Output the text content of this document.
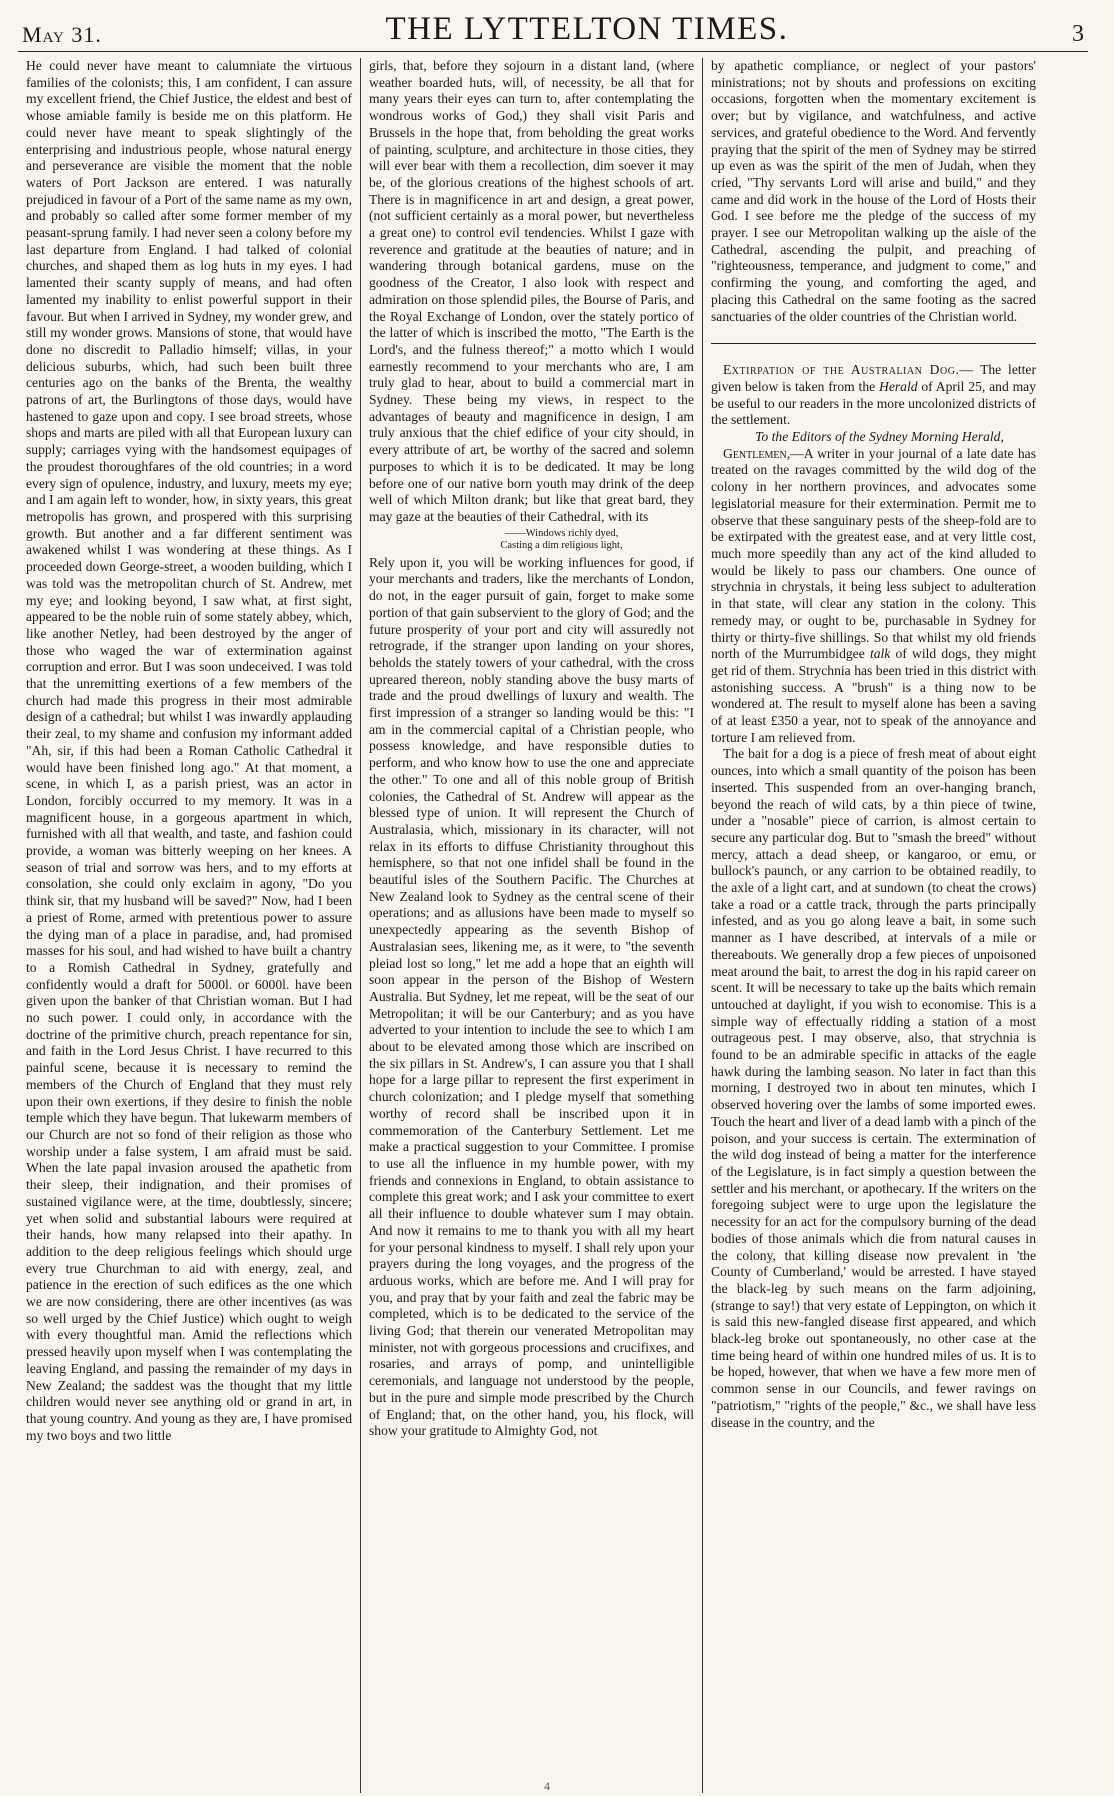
May 31.	THE LYTTELTON TIMES.	3

He could never have meant to calumniate the virtuous families of the colonists; this, I am confident, I can assure my excellent friend, the Chief Justice, the eldest and best of whose amiable family is beside me on this platform. He could never have meant to speak slightingly of the enterprising and industrious people, whose natural energy and perseverance are visible the moment that the noble waters of Port Jackson are entered. I was naturally prejudiced in favour of a Port of the same name as my own, and probably so called after some former member of my peasant-sprung family. I had never seen a colony before my last departure from England. I had talked of colonial churches, and shaped them as log huts in my eyes. I had lamented their scanty supply of means, and had often lamented my inability to enlist powerful support in their favour. But when I arrived in Sydney, my wonder grew, and still my wonder grows. Mansions of stone, that would have done no discredit to Palladio himself; villas, in your delicious suburbs, which, had such been built three centuries ago on the banks of the Brenta, the wealthy patrons of art, the Burlingtons of those days, would have hastened to gaze upon and copy. I see broad streets, whose shops and marts are piled with all that European luxury can supply; carriages vying with the handsomest equipages of the proudest thoroughfares of the old countries; in a word every sign of opulence, industry, and luxury, meets my eye; and I am again left to wonder, how, in sixty years, this great metropolis has grown, and prospered with this surprising growth. But another and a far different sentiment was awakened whilst I was wondering at these things. As I proceeded down George-street, a wooden building, which I was told was the metropolitan church of St. Andrew, met my eye; and looking beyond, I saw what, at first sight, appeared to be the noble ruin of some stately abbey, which, like another Netley, had been destroyed by the anger of those who waged the war of extermination against corruption and error. But I was soon undeceived. I was told that the unremitting exertions of a few members of the church had made this progress in their most admirable design of a cathedral; but whilst I was inwardly applauding their zeal, to my shame and confusion my informant added "Ah, sir, if this had been a Roman Catholic Cathedral it would have been finished long ago." At that moment, a scene, in which I, as a parish priest, was an actor in London, forcibly occurred to my memory. It was in a magnificent house, in a gorgeous apartment in which, furnished with all that wealth, and taste, and fashion could provide, a woman was bitterly weeping on her knees. A season of trial and sorrow was hers, and to my efforts at consolation, she could only exclaim in agony, "Do you think sir, that my husband will be saved?" Now, had I been a priest of Rome, armed with pretentious power to assure the dying man of a place in paradise, and, had promised masses for his soul, and had wished to have built a chantry to a Romish Cathedral in Sydney, gratefully and confidently would a draft for 5000l. or 6000l. have been given upon the banker of that Christian woman. But I had no such power. I could only, in accordance with the doctrine of the primitive church, preach repentance for sin, and faith in the Lord Jesus Christ. I have recurred to this painful scene, because it is necessary to remind the members of the Church of England that they must rely upon their own exertions, if they desire to finish the noble temple which they have begun. That lukewarm members of our Church are not so fond of their religion as those who worship under a false system, I am afraid must be said. When the late papal invasion aroused the apathetic from their sleep, their indignation, and their promises of sustained vigilance were, at the time, doubtlessly, sincere; yet when solid and substantial labours were required at their hands, how many relapsed into their apathy. In addition to the deep religious feelings which should urge every true Churchman to aid with energy, zeal, and patience in the erection of such edifices as the one which we are now considering, there are other incentives (as was so well urged by the Chief Justice) which ought to weigh with every thoughtful man. Amid the reflections which pressed heavily upon myself when I was contemplating the leaving England, and passing the remainder of my days in New Zealand; the saddest was the thought that my little children would never see anything old or grand in art, in that young country. And young as they are, I have promised my two boys and two little

girls, that, before they sojourn in a distant land, (where weather boarded huts, will, of necessity, be all that for many years their eyes can turn to, after contemplating the wondrous works of God,) they shall visit Paris and Brussels in the hope that, from beholding the great works of painting, sculpture, and architecture in those cities, they will ever bear with them a recollection, dim soever it may be, of the glorious creations of the highest schools of art. There is in magnificence in art and design, a great power, (not sufficient certainly as a moral power, but nevertheless a great one) to control evil tendencies. Whilst I gaze with reverence and gratitude at the beauties of nature; and in wandering through botanical gardens, muse on the goodness of the Creator, I also look with respect and admiration on those splendid piles, the Bourse of Paris, and the Royal Exchange of London, over the stately portico of the latter of which is inscribed the motto, "The Earth is the Lord's, and the fulness thereof;" a motto which I would earnestly recommend to your merchants who are, I am truly glad to hear, about to build a commercial mart in Sydney. These being my views, in respect to the advantages of beauty and magnificence in design, I am truly anxious that the chief edifice of your city should, in every attribute of art, be worthy of the sacred and solemn purposes to which it is to be dedicated. It may be long before one of our native born youth may drink of the deep well of which Milton drank; but like that great bard, they may gaze at the beauties of their Cathedral, with its

——Windows richly dyed,
Casting a dim religious light,

Rely upon it, you will be working influences for good, if your merchants and traders, like the merchants of London, do not, in the eager pursuit of gain, forget to make some portion of that gain subservient to the glory of God; and the future prosperity of your port and city will assuredly not retrograde, if the stranger upon landing on your shores, beholds the stately towers of your cathedral, with the cross upreared thereon, nobly standing above the busy marts of trade and the proud dwellings of luxury and wealth. The first impression of a stranger so landing would be this: "I am in the commercial capital of a Christian people, who possess knowledge, and have responsible duties to perform, and who know how to use the one and appreciate the other." To one and all of this noble group of British colonies, the Cathedral of St. Andrew will appear as the blessed type of union. It will represent the Church of Australasia, which, missionary in its character, will not relax in its efforts to diffuse Christianity throughout this hemisphere, so that not one infidel shall be found in the beautiful isles of the Southern Pacific. The Churches at New Zealand look to Sydney as the central scene of their operations; and as allusions have been made to myself so unexpectedly appearing as the seventh Bishop of Australasian sees, likening me, as it were, to "the seventh pleiad lost so long," let me add a hope that an eighth will soon appear in the person of the Bishop of Western Australia. But Sydney, let me repeat, will be the seat of our Metropolitan; it will be our Canterbury; and as you have adverted to your intention to include the see to which I am about to be elevated among those which are inscribed on the six pillars in St. Andrew's, I can assure you that I shall hope for a large pillar to represent the first experiment in church colonization; and I pledge myself that something worthy of record shall be inscribed upon it in commemoration of the Canterbury Settlement. Let me make a practical suggestion to your Committee. I promise to use all the influence in my humble power, with my friends and connexions in England, to obtain assistance to complete this great work; and I ask your committee to exert all their influence to double whatever sum I may obtain. And now it remains to me to thank you with all my heart for your personal kindness to myself. I shall rely upon your prayers during the long voyages, and the progress of the arduous works, which are before me. And I will pray for you, and pray that by your faith and zeal the fabric may be completed, which is to be dedicated to the service of the living God; that therein our venerated Metropolitan may minister, not with gorgeous processions and crucifixes, and rosaries, and arrays of pomp, and unintelligible ceremonials, and language not understood by the people, but in the pure and simple mode prescribed by the Church of England; that, on the other hand, you, his flock, will show your gratitude to Almighty God, not

by apathetic compliance, or neglect of your pastors' ministrations; not by shouts and professions on exciting occasions, forgotten when the momentary excitement is over; but by vigilance, and watchfulness, and active services, and grateful obedience to the Word. And fervently praying that the spirit of the men of Sydney may be stirred up even as was the spirit of the men of Judah, when they cried, "Thy servants Lord will arise and build," and they came and did work in the house of the Lord of Hosts their God. I see before me the pledge of the success of my prayer. I see our Metropolitan walking up the aisle of the Cathedral, ascending the pulpit, and preaching of "righteousness, temperance, and judgment to come," and confirming the young, and comforting the aged, and placing this Cathedral on the same footing as the sacred sanctuaries of the older countries of the Christian world.

Extirpation of the Australian Dog.— The letter given below is taken from the Herald of April 25, and may be useful to our readers in the more uncolonized districts of the settlement.

To the Editors of the Sydney Morning Herald,

Gentlemen,—A writer in your journal of a late date has treated on the ravages committed by the wild dog of the colony in her northern provinces, and advocates some legislatorial measure for their extermination. Permit me to observe that these sanguinary pests of the sheep-fold are to be extirpated with the greatest ease, and at very little cost, much more speedily than any act of the kind alluded to would be likely to pass our chambers. One ounce of strychnia in chrystals, it being less subject to adulteration in that state, will clear any station in the colony. This remedy may, or ought to be, purchasable in Sydney for thirty or thirty-five shillings. So that whilst my old friends north of the Murrumbidgee talk of wild dogs, they might get rid of them. Strychnia has been tried in this district with astonishing success. A "brush" is a thing now to be wondered at. The result to myself alone has been a saving of at least £350 a year, not to speak of the annoyance and torture I am relieved from.

The bait for a dog is a piece of fresh meat of about eight ounces, into which a small quantity of the poison has been inserted. This suspended from an over-hanging branch, beyond the reach of wild cats, by a thin piece of twine, under a "nosable" piece of carrion, is almost certain to secure any particular dog. But to "smash the breed" without mercy, attach a dead sheep, or kangaroo, or emu, or bullock's paunch, or any carrion to be obtained readily, to the axle of a light cart, and at sundown (to cheat the crows) take a road or a cattle track, through the parts principally infested, and as you go along leave a bait, in some such manner as I have described, at intervals of a mile or thereabouts. We generally drop a few pieces of unpoisoned meat around the bait, to arrest the dog in his rapid career on scent. It will be necessary to take up the baits which remain untouched at daylight, if you wish to economise. This is a simple way of effectually ridding a station of a most outrageous pest. I may observe, also, that strychnia is found to be an admirable specific in attacks of the eagle hawk during the lambing season. No later in fact than this morning, I destroyed two in about ten minutes, which I observed hovering over the lambs of some imported ewes. Touch the heart and liver of a dead lamb with a pinch of the poison, and your success is certain. The extermination of the wild dog instead of being a matter for the interference of the Legislature, is in fact simply a question between the settler and his merchant, or apothecary. If the writers on the foregoing subject were to urge upon the legislature the necessity for an act for the compulsory burning of the dead bodies of those animals which die from natural causes in the colony, that killing disease now prevalent in 'the County of Cumberland,' would be arrested. I have stayed the black-leg by such means on the farm adjoining, (strange to say!) that very estate of Leppington, on which it is said this new-fangled disease first appeared, and which black-leg broke out spontaneously, no other case at the time being heard of within one hundred miles of us. It is to be hoped, however, that when we have a few more men of common sense in our Councils, and fewer ravings on "patriotism," "rights of the people," &c., we shall have less disease in the country, and the

4
